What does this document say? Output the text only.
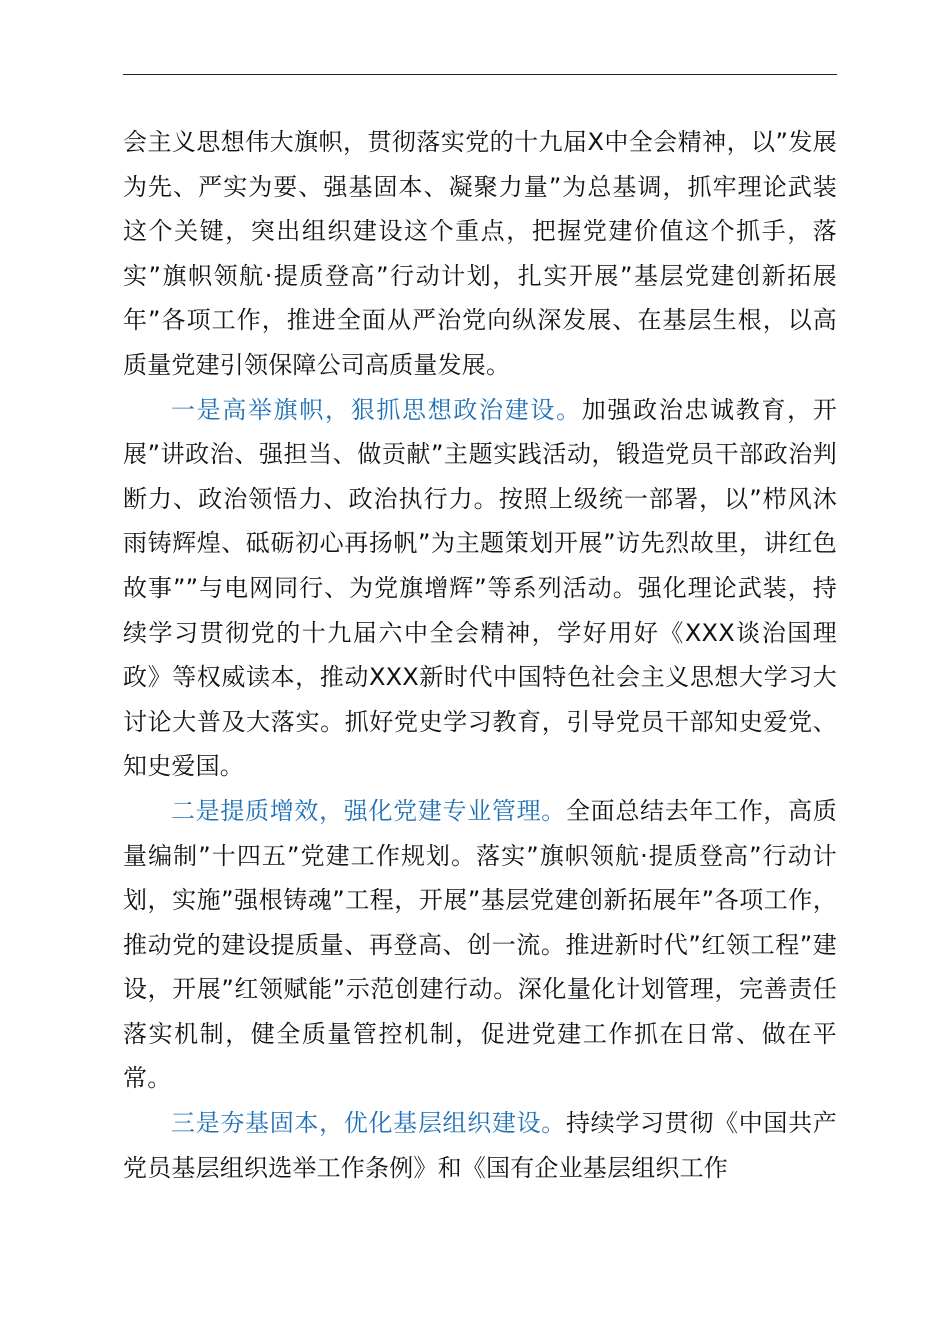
会主义思想伟大旗帜，贯彻落实党的十九届X中全会精神，以”发展为先、严实为要、强基固本、凝聚力量”为总基调，抓牢理论武装这个关键，突出组织建设这个重点，把握党建价值这个抓手，落实”旗帜领航·提质登高”行动计划，扎实开展”基层党建创新拓展年”各项工作，推进全面从严治党向纵深发展、在基层生根，以高质量党建引领保障公司高质量发展。

一是高举旗帜，狠抓思想政治建设。加强政治忠诚教育，开展”讲政治、强担当、做贡献”主题实践活动，锻造党员干部政治判断力、政治领悟力、政治执行力。按照上级统一部署，以”栉风沐雨铸辉煌、砥砺初心再扬帆”为主题策划开展”访先烈故里，讲红色故事””与电网同行、为党旗增辉”等系列活动。强化理论武装，持续学习贯彻党的十九届六中全会精神，学好用好《XXX谈治国理政》等权威读本，推动XXX新时代中国特色社会主义思想大学习大讨论大普及大落实。抓好党史学习教育，引导党员干部知史爱党、知史爱国。

二是提质增效，强化党建专业管理。全面总结去年工作，高质量编制”十四五”党建工作规划。落实”旗帜领航·提质登高”行动计划，实施”强根铸魂”工程，开展”基层党建创新拓展年”各项工作，推动党的建设提质量、再登高、创一流。推进新时代”红领工程”建设，开展”红领赋能”示范创建行动。深化量化计划管理，完善责任落实机制，健全质量管控机制，促进党建工作抓在日常、做在平常。

三是夯基固本，优化基层组织建设。持续学习贯彻《中国共产党员基层组织选举工作条例》和《国有企业基层组织工作
